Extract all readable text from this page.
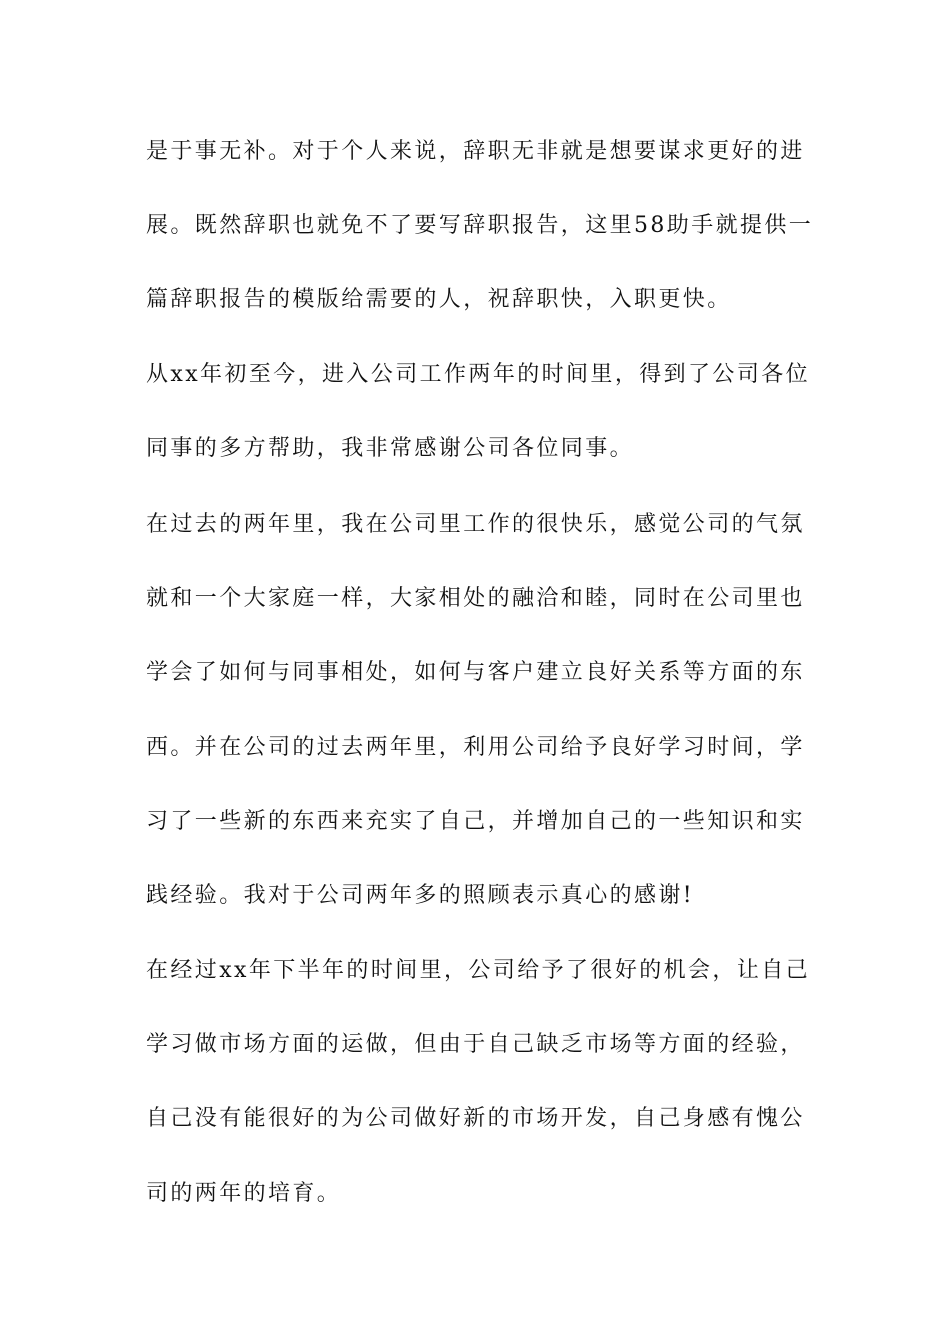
是于事无补。对于个人来说，辞职无非就是想要谋求更好的进
展。既然辞职也就免不了要写辞职报告，这里58助手就提供一
篇辞职报告的模版给需要的人，祝辞职快，入职更快。
从xx年初至今，进入公司工作两年的时间里，得到了公司各位
同事的多方帮助，我非常感谢公司各位同事。
在过去的两年里，我在公司里工作的很快乐，感觉公司的气氛
就和一个大家庭一样，大家相处的融洽和睦，同时在公司里也
学会了如何与同事相处，如何与客户建立良好关系等方面的东
西。并在公司的过去两年里，利用公司给予良好学习时间，学
习了一些新的东西来充实了自己，并增加自己的一些知识和实
践经验。我对于公司两年多的照顾表示真心的感谢!
在经过xx年下半年的时间里，公司给予了很好的机会，让自己
学习做市场方面的运做，但由于自己缺乏市场等方面的经验，
自己没有能很好的为公司做好新的市场开发，自己身感有愧公
司的两年的培育。
